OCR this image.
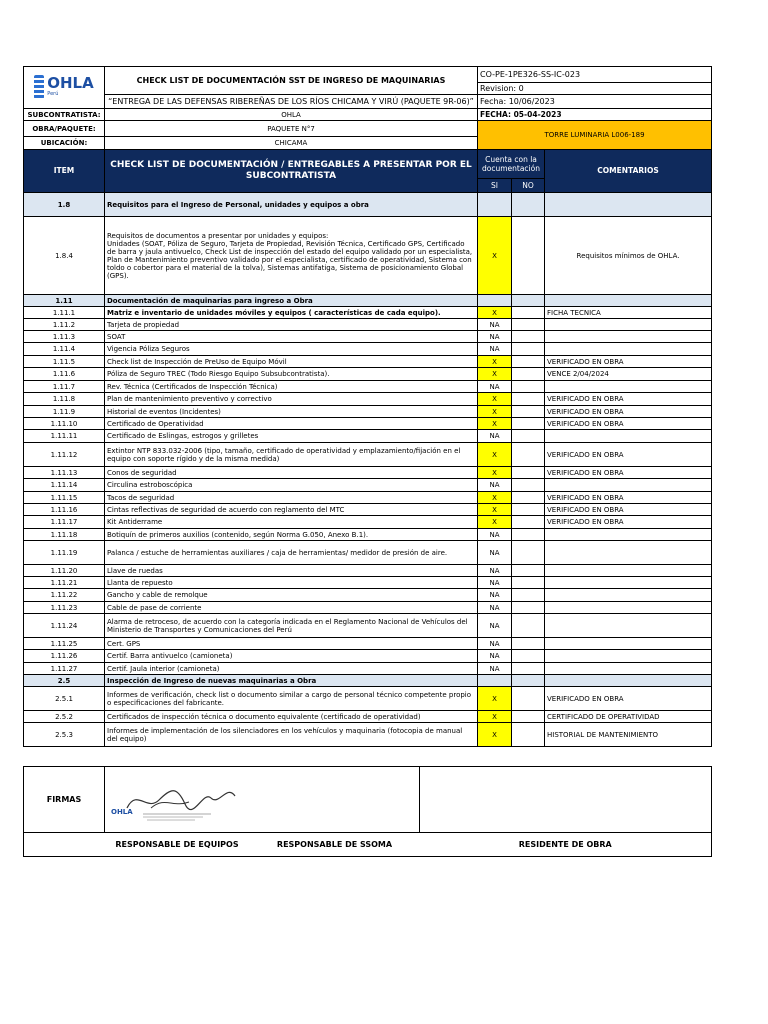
OHLA
Perú	CHECK LIST DE DOCUMENTACIÓN SST DE INGRESO DE MAQUINARIAS	CO-PE-1PE326-SS-IC-023
		Revision: 0
	“ENTREGA DE LAS DEFENSAS RIBEREÑAS DE LOS RÍOS CHICAMA Y VIRÚ (PAQUETE 9R-06)”	Fecha: 10/06/2023
SUBCONTRATISTA:	OHLA	FECHA: 05-04-2023		
OBRA/PAQUETE:	PAQUETE N°7	TORRE LUMINARIA L006-189		
UBICACIÓN:	CHICAMA			
ITEM	CHECK LIST DE DOCUMENTACIÓN / ENTREGABLES A PRESENTAR POR EL SUBCONTRATISTA	Cuenta con la documentación		COMENTARIOS
		SI	NO	
1.8	Requisitos para el Ingreso de Personal, unidades y equipos a obra			
1.8.4	Requisitos de documentos a presentar por unidades y equipos:
Unidades (SOAT, Póliza de Seguro, Tarjeta de Propiedad, Revisión Técnica, Certificado GPS, Certificado de barra y jaula antivuelco, Check List de inspección del estado del equipo validado por un especialista, Plan de Mantenimiento preventivo validado por el especialista, certificado de operatividad, Sistema con toldo o cobertor para el material de la tolva), Sistemas antifatiga, Sistema de posicionamiento Global (GPS).	X		Requisitos mínimos de OHLA.
1.11	Documentación de maquinarias para ingreso a Obra			
1.11.1	Matriz e inventario de unidades móviles y equipos ( características de cada equipo).	X		FICHA TECNICA
1.11.2	Tarjeta de propiedad	NA		
1.11.3	SOAT	NA		
1.11.4	Vigencia Póliza Seguros	NA		
1.11.5	Check list de Inspección de PreUso de Equipo Móvil	X		VERIFICADO EN OBRA
1.11.6	Póliza de Seguro TREC (Todo Riesgo Equipo Subsubcontratista).	X		VENCE 2/04/2024
1.11.7	Rev. Técnica (Certificados de Inspección Técnica)	NA		
1.11.8	Plan de mantenimiento preventivo y correctivo	X		VERIFICADO EN OBRA
1.11.9	Historial de eventos (Incidentes)	X		VERIFICADO EN OBRA
1.11.10	Certificado de Operatividad	X		VERIFICADO EN OBRA
1.11.11	Certificado de Eslingas, estrogos y grilletes	NA		
1.11.12	Extintor NTP 833.032-2006 (tipo, tamaño, certificado de operatividad y emplazamiento/fijación en el equipo con soporte rígido y de la misma medida)	X		VERIFICADO EN OBRA
1.11.13	Conos de seguridad	X		VERIFICADO EN OBRA
1.11.14	Circulina estroboscópica	NA		
1.11.15	Tacos de seguridad	X		VERIFICADO EN OBRA
1.11.16	Cintas reflectivas de seguridad de acuerdo con reglamento del MTC	X		VERIFICADO EN OBRA
1.11.17	Kit Antiderrame	X		VERIFICADO EN OBRA
1.11.18	Botiquín de primeros auxilios (contenido, según Norma G.050, Anexo B.1).	NA		
1.11.19	Palanca / estuche de herramientas auxiliares / caja de herramientas/ medidor de presión de aire.	NA		
1.11.20	Llave de ruedas	NA		
1.11.21	Llanta de repuesto	NA		
1.11.22	Gancho y cable de remolque	NA		
1.11.23	Cable de pase de corriente	NA		
1.11.24	Alarma de retroceso, de acuerdo con la categoría indicada en el Reglamento Nacional de Vehículos del Ministerio de Transportes y Comunicaciones del Perú	NA		
1.11.25	Cert. GPS	NA		
1.11.26	Certif. Barra antivuelco (camioneta)	NA		
1.11.27	Certif. Jaula interior (camioneta)	NA		
2.5	Inspección de Ingreso de nuevas maquinarias a Obra			
2.5.1	Informes de verificación, check list o documento similar a cargo de personal técnico competente propio o especificaciones del fabricante.	X		VERIFICADO EN OBRA
2.5.2	Certificados de inspección técnica o documento equivalente (certificado de operatividad)	X		CERTIFICADO DE OPERATIVIDAD
2.5.3	Informes de implementación de los silenciadores en los vehículos y maquinaria (fotocopia de manual del equipo)	X		HISTORIAL DE MANTENIMIENTO
FIRMAS	OHLA		

	RESPONSABLE DE EQUIPOS	RESPONSABLE DE SSOMA	RESIDENTE DE OBRA
